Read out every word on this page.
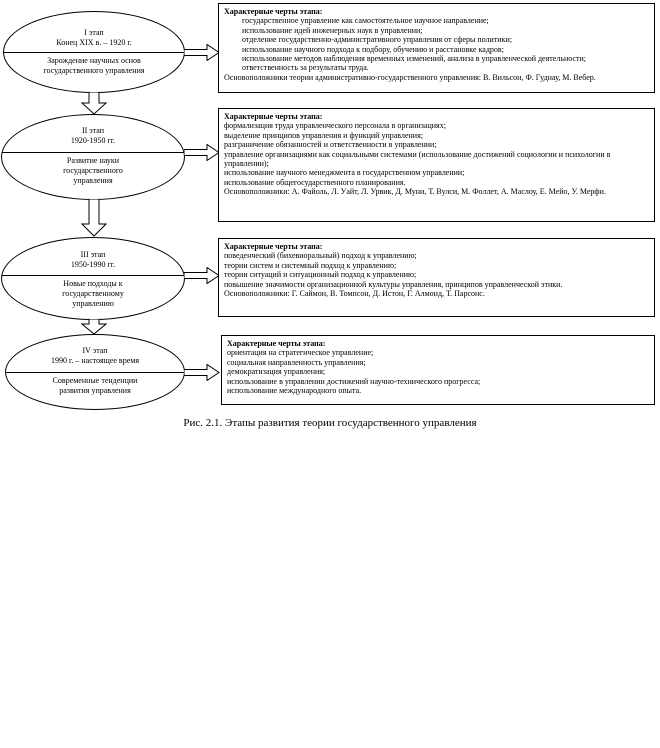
I этап
Конец XIX в. – 1920 г.
Зарождение научных основ
государственного управления
Характерные черты этапа:
государственное управление как самостоятельное научное направление;
использование идей инженерных наук в управлении;
отделение государственно-административного управления от сферы политики;
использование научного подхода к подбору, обучению и расстановке кадров;
использование методов наблюдения временных изменений, анализа в управленческой деятельности;
ответственность за результаты труда.
Основоположники теории административно-государственного управления: В. Вильсон, Ф. Гуднау, М. Вебер.
II этап
1920-1950 гг.
Развитие науки
государственного
управления
Характерные черты этапа:
формализация труда управленческого персонала в организациях;
выделение принципов управления и функций управления;
разграничение обязанностей и ответственности в управлении;
управление организациями как социальными системами (использование достижений социологии и психологии в управлении);
использование научного менеджмента в государственном управлении;
использование общегосударственного планирования.
Основоположники: А. Файоль, Л. Уайт, Л. Урвик, Д. Муни, Т. Вулси, М. Фоллет, А. Маслоу, Е. Мейо, У. Мерфи.
III этап
1950-1990 гг.
Новые подходы к
государственному
управлению
Характерные черты этапа:
поведенческий (бихевиоральный) подход к управлению;
теории систем и системный подход к управлению;
теории ситуаций и ситуационный подход к управлению;
повышение значимости организационной культуры управления, принципов управленческой этики.
Основоположники: Г. Саймон, В. Томпсон, Д. Истон, Г. Алмонд, Т. Парсонс.
IV этап
1990 г. – настоящее время
Современные тенденции
развития управления
Характерные черты этапа:
ориентация на стратегическое управление;
социальная направленность управления;
демократизация управления;
использование в управлении достижений научно-технического прогресса;
использование международного опыта.
Рис. 2.1. Этапы развития теории государственного управления
